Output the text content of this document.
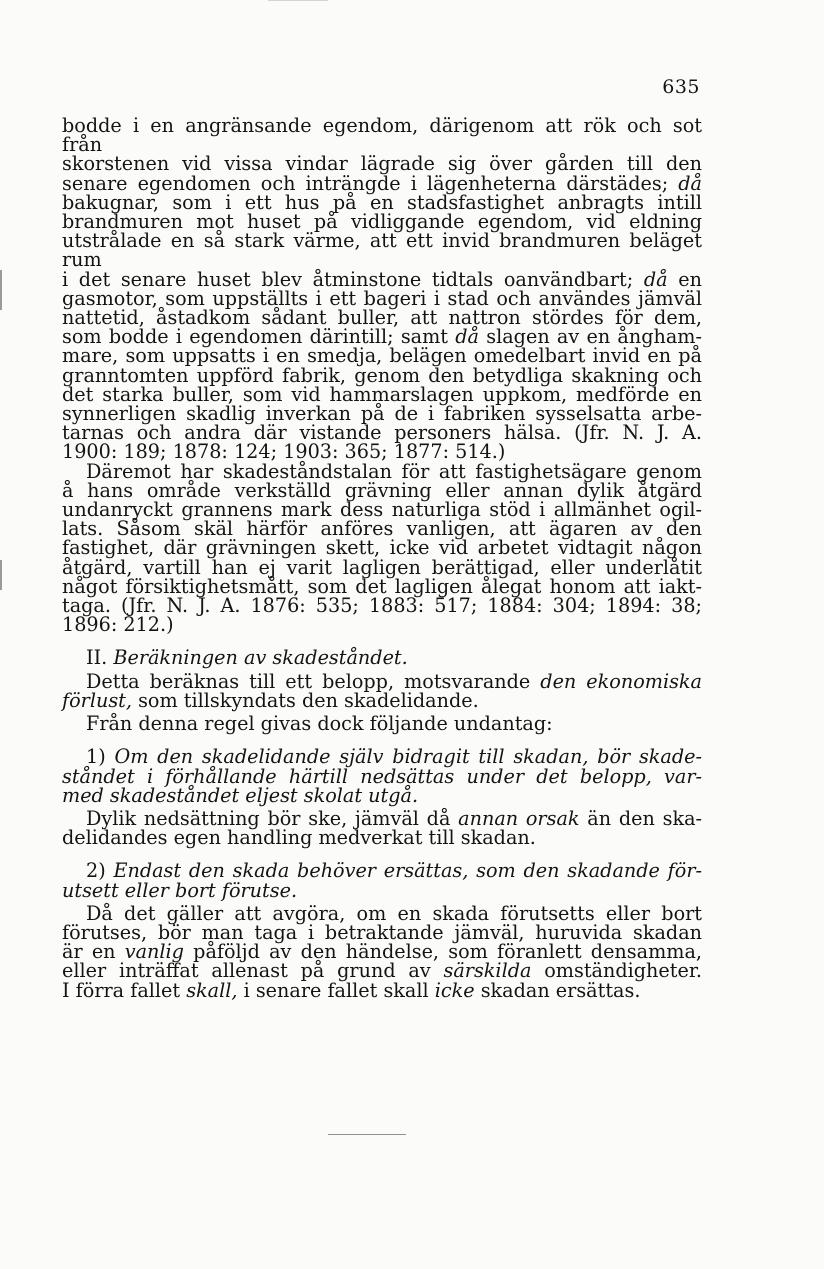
635

bodde i en angränsande egendom, därigenom att rök och sot från

skorstenen vid vissa vindar lägrade sig över gården till den

senare egendomen och inträngde i lägenheterna därstädes; då

bakugnar, som i ett hus på en stadsfastighet anbragts intill

brandmuren mot huset på vidliggande egendom, vid eldning

utstrålade en så stark värme, att ett invid brandmuren beläget rum

i det senare huset blev åtminstone tidtals oanvändbart; då en

gasmotor, som uppställts i ett bageri i stad och användes jämväl

nattetid, åstadkom sådant buller, att nattron stördes för dem,

som bodde i egendomen därintill; samt då slagen av en ångham-

mare, som uppsatts i en smedja, belägen omedelbart invid en på

granntomten uppförd fabrik, genom den betydliga skakning och

det starka buller, som vid hammarslagen uppkom, medförde en

synnerligen skadlig inverkan på de i fabriken sysselsatta arbe-

tarnas och andra där vistande personers hälsa. (Jfr. N. J. A.

1900: 189; 1878: 124; 1903: 365; 1877: 514.)

Däremot har skadeståndstalan för att fastighetsägare genom

å hans område verkställd grävning eller annan dylik åtgärd

undanryckt grannens mark dess naturliga stöd i allmänhet ogil-

lats. Såsom skäl härför anföres vanligen, att ägaren av den

fastighet, där grävningen skett, icke vid arbetet vidtagit någon

åtgärd, vartill han ej varit lagligen berättigad, eller underlåtit

något försiktighetsmått, som det lagligen ålegat honom att iakt-

taga. (Jfr. N. J. A. 1876: 535; 1883: 517; 1884: 304; 1894: 38;

1896: 212.)

II. Beräkningen av skadeståndet.

Detta beräknas till ett belopp, motsvarande den ekonomiska

förlust, som tillskyndats den skadelidande.

Från denna regel givas dock följande undantag:

1) Om den skadelidande själv bidragit till skadan, bör skade-

ståndet i förhållande härtill nedsättas under det belopp, var-

med skadeståndet eljest skolat utgå.

Dylik nedsättning bör ske, jämväl då annan orsak än den ska-

delidandes egen handling medverkat till skadan.

2) Endast den skada behöver ersättas, som den skadande för-

utsett eller bort förutse.

Då det gäller att avgöra, om en skada förutsetts eller bort

förutses, bör man taga i betraktande jämväl, huruvida skadan

är en vanlig påföljd av den händelse, som föranlett densamma,

eller inträffat allenast på grund av särskilda omständigheter.

I förra fallet skall, i senare fallet skall icke skadan ersättas.
